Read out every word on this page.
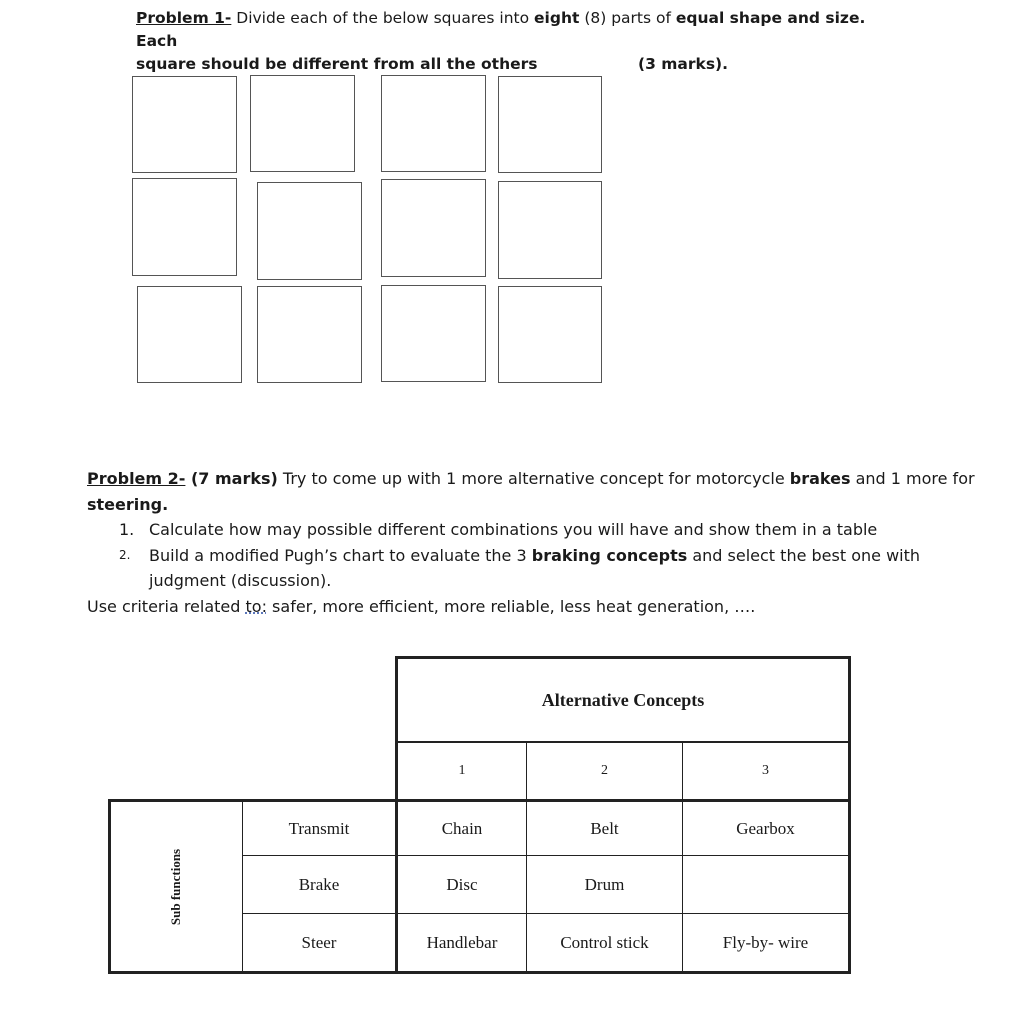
Problem 1- Divide each of the below squares into eight (8) parts of equal shape and size. Each
square should be different from all the others	(3 marks).
Problem 2- (7 marks) Try to come up with 1 more alternative concept for motorcycle brakes and 1 more for
steering.
1. Calculate how may possible different combinations you will have and show them in a table
2. Build a modified Pugh’s chart to evaluate the 3 braking concepts and select the best one with
judgment (discussion).
Use criteria related to: safer, more efficient, more reliable, less heat generation, ….
Alternative Concepts
1	2	3
Sub functions
Transmit	Chain	Belt	Gearbox
Brake	Disc	Drum
Steer	Handlebar	Control stick	Fly-by- wire
